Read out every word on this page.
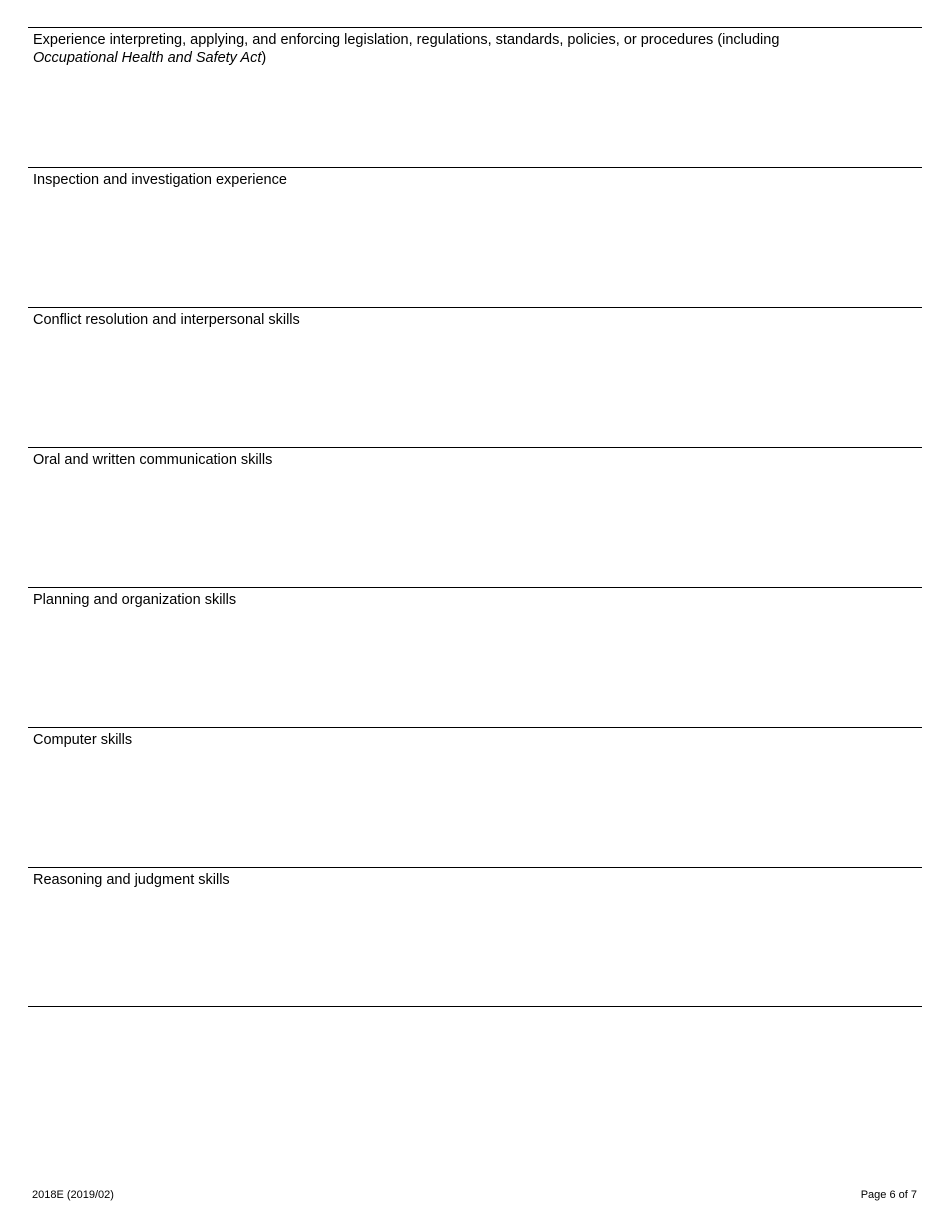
Experience interpreting, applying, and enforcing legislation, regulations, standards, policies, or procedures (including
Occupational Health and Safety Act)

Inspection and investigation experience

Conflict resolution and interpersonal skills

Oral and written communication skills

Planning and organization skills

Computer skills

Reasoning and judgment skills

2018E (2019/02)	Page 6 of 7
